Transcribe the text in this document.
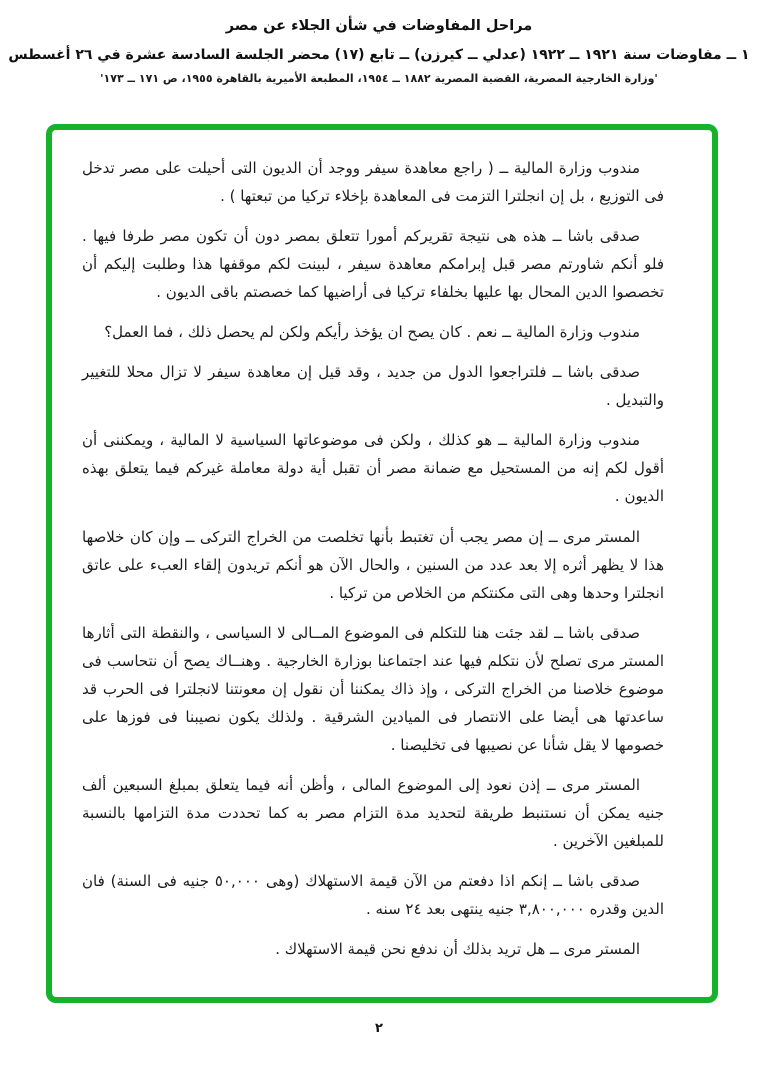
مراحل المفاوضات في شأن الجلاء عن مصر
١ ــ مفاوضات سنة ١٩٢١ ــ ١٩٢٢ (عدلي ــ كيرزن) ــ تابع (١٧) محضر الجلسة السادسة عشرة في ٢٦ أغسطس
'وزارة الخارجية المصرية، القضية المصرية ١٨٨٢ ــ ١٩٥٤، المطبعة الأميرية بالقاهرة ١٩٥٥، ص ١٧١ ــ ١٧٣'

مندوب وزارة المالية ــ ( راجع معاهدة سيفر ووجد أن الديون التى أحيلت على مصر تدخل فى التوزيع ، بل إن انجلترا التزمت فى المعاهدة بإخلاء تركيا من تبعتها ) .

صدقى باشا ــ هذه هى نتيجة تقريركم أمورا تتعلق بمصر دون أن تكون مصر طرفا فيها . فلو أنكم شاورتم مصر قبل إبرامكم معاهدة سيفر ، لبينت لكم موقفها هذا وطلبت إليكم أن تخصصوا الدين المحال بها عليها بخلفاء تركيا فى أراضيها كما خصصتم باقى الديون .

مندوب وزارة المالية ــ نعم . كان يصح ان يؤخذ رأيكم ولكن لم يحصل ذلك ، فما العمل؟

صدقى باشا ــ فلتراجعوا الدول من جديد ، وقد قيل إن معاهدة سيفر لا تزال محلا للتغيير والتبديل .

مندوب وزارة المالية ــ هو كذلك ، ولكن فى موضوعاتها السياسية لا المالية ، ويمكننى أن أقول لكم إنه من المستحيل مع ضمانة مصر أن تقبل أية دولة معاملة غيركم فيما يتعلق بهذه الديون .

المستر مرى ــ إن مصر يجب أن تغتبط بأنها تخلصت من الخراج التركى ــ وإن كان خلاصها هذا لا يظهر أثره إلا بعد عدد من السنين ، والحال الآن هو أنكم تريدون إلقاء العبء على عاتق انجلترا وحدها وهى التى مكنتكم من الخلاص من تركيا .

صدقى باشا ــ لقد جئت هنا للتكلم فى الموضوع المــالى لا السياسى ، والنقطة التى أثارها المستر مرى تصلح لأن نتكلم فيها عند اجتماعنا بوزارة الخارجية . وهنــاك يصح أن نتحاسب فى موضوع خلاصنا من الخراج التركى ، وإذ ذاك يمكننا أن نقول إن معونتنا لانجلترا فى الحرب قد ساعدتها هى أيضا على الانتصار فى الميادين الشرقية . ولذلك يكون نصيبنا فى فوزها على خصومها لا يقل شأنا عن نصيبها فى تخليصنا .

المستر مرى ــ إذن نعود إلى الموضوع المالى ، وأظن أنه فيما يتعلق بمبلغ السبعين ألف جنيه يمكن أن نستنبط طريقة لتحديد مدة التزام مصر به كما تحددت مدة التزامها بالنسبة للمبلغين الآخرين .

صدقى باشا ــ إنكم اذا دفعتم من الآن قيمة الاستهلاك (وهى ٥٠,٠٠٠ جنيه فى السنة) فان الدين وقدره ٣,٨٠٠,٠٠٠ جنيه ينتهى بعد ٢٤ سنه .

المستر مرى ــ هل تريد بذلك أن ندفع نحن قيمة الاستهلاك .

٢
